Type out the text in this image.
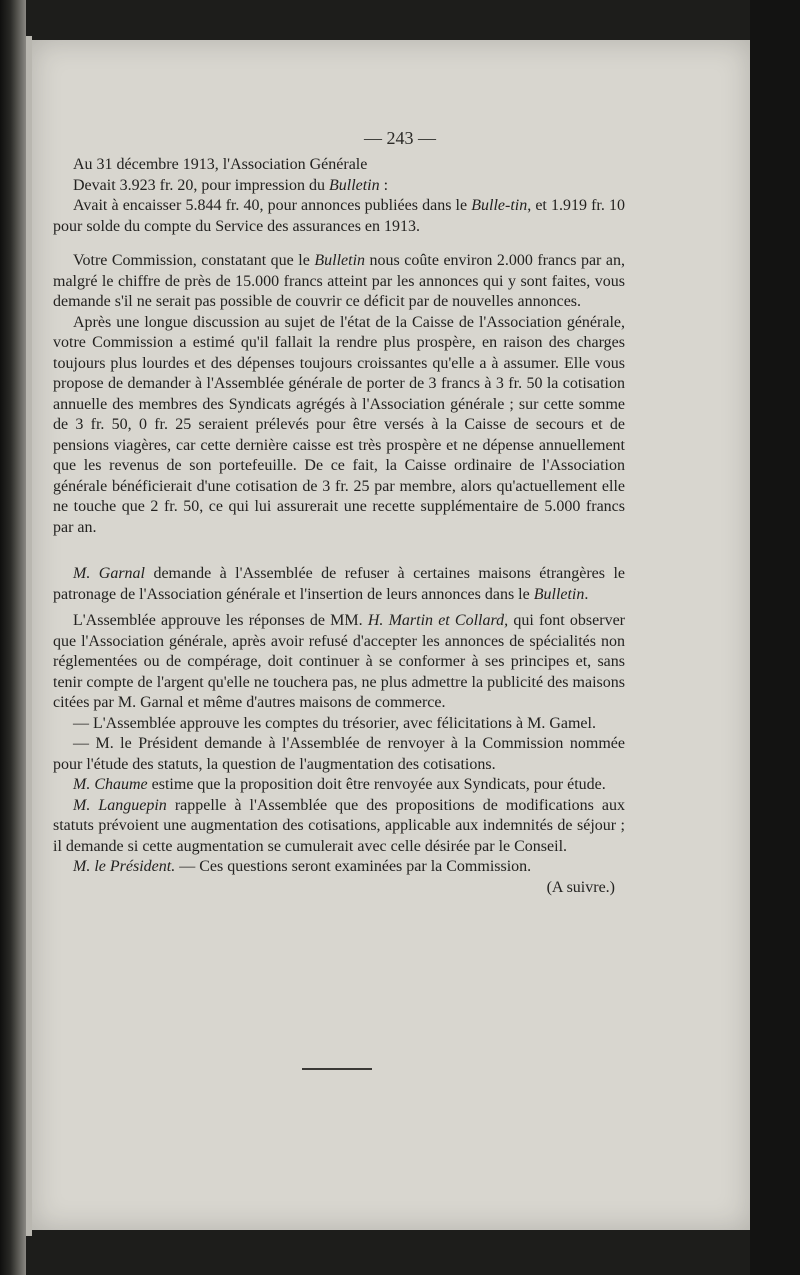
— 243 —

Au 31 décembre 1913, l'Association Générale

Devait 3.923 fr. 20, pour impression du Bulletin :

Avait à encaisser 5.844 fr. 40, pour annonces publiées dans le Bulle-tin, et 1.919 fr. 10 pour solde du compte du Service des assurances en 1913.

Votre Commission, constatant que le Bulletin nous coûte environ 2.000 francs par an, malgré le chiffre de près de 15.000 francs atteint par les annonces qui y sont faites, vous demande s'il ne serait pas possible de couvrir ce déficit par de nouvelles annonces.

Après une longue discussion au sujet de l'état de la Caisse de l'Association générale, votre Commission a estimé qu'il fallait la rendre plus prospère, en raison des charges toujours plus lourdes et des dépenses toujours croissantes qu'elle a à assumer. Elle vous propose de demander à l'Assemblée générale de porter de 3 francs à 3 fr. 50 la cotisation annuelle des membres des Syndicats agrégés à l'Association générale ; sur cette somme de 3 fr. 50, 0 fr. 25 seraient prélevés pour être versés à la Caisse de secours et de pensions viagères, car cette dernière caisse est très prospère et ne dépense annuellement que les revenus de son portefeuille. De ce fait, la Caisse ordinaire de l'Association générale bénéficierait d'une cotisation de 3 fr. 25 par membre, alors qu'actuellement elle ne touche que 2 fr. 50, ce qui lui assurerait une recette supplémentaire de 5.000 francs par an.

M. Garnal demande à l'Assemblée de refuser à certaines maisons étrangères le patronage de l'Association générale et l'insertion de leurs annonces dans le Bulletin.

L'Assemblée approuve les réponses de MM. H. Martin et Collard, qui font observer que l'Association générale, après avoir refusé d'accepter les annonces de spécialités non réglementées ou de compérage, doit continuer à se conformer à ses principes et, sans tenir compte de l'argent qu'elle ne touchera pas, ne plus admettre la publicité des maisons citées par M. Garnal et même d'autres maisons de commerce.

— L'Assemblée approuve les comptes du trésorier, avec félicitations à M. Gamel.

— M. le Président demande à l'Assemblée de renvoyer à la Commission nommée pour l'étude des statuts, la question de l'augmentation des cotisations.

M. Chaume estime que la proposition doit être renvoyée aux Syndicats, pour étude.

M. Languepin rappelle à l'Assemblée que des propositions de modifications aux statuts prévoient une augmentation des cotisations, applicable aux indemnités de séjour ; il demande si cette augmentation se cumulerait avec celle désirée par le Conseil.

M. le Président. — Ces questions seront examinées par la Commission.
(A suivre.)
